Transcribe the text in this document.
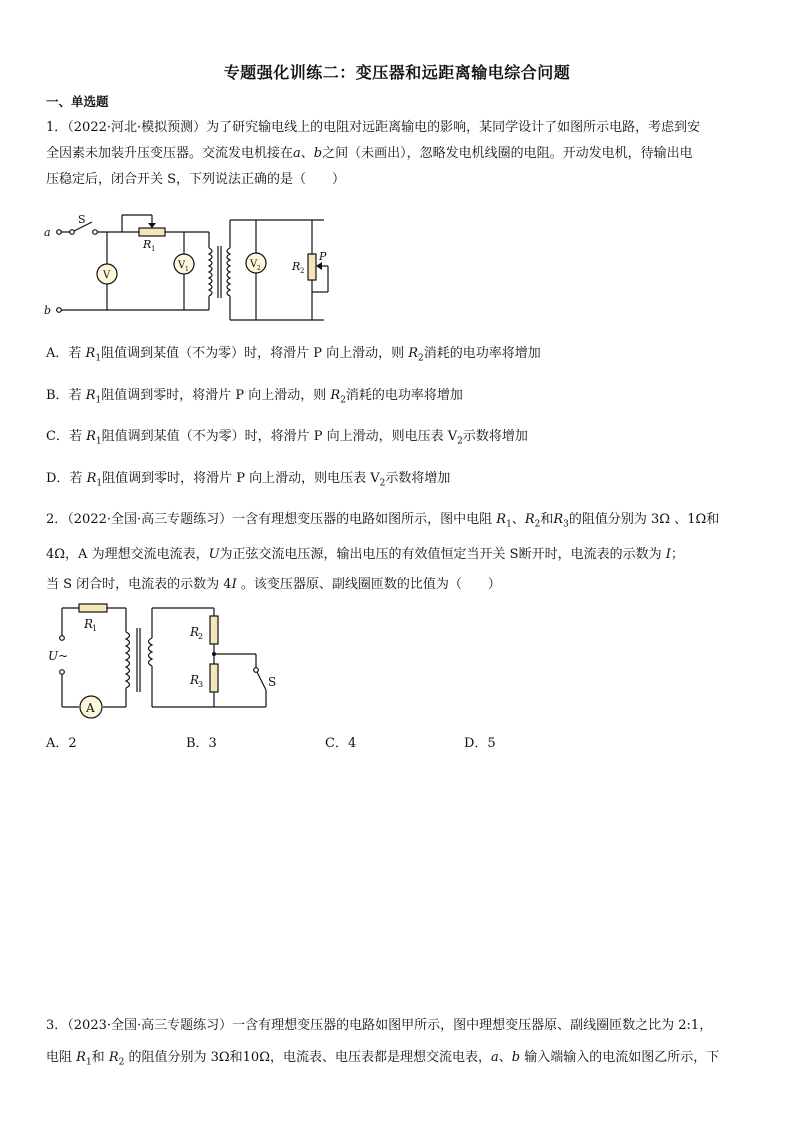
专题强化训练二：变压器和远距离输电综合问题
一、单选题
1．（2022·河北·模拟预测）为了研究输电线上的电阻对远距离输电的影响，某同学设计了如图所示电路，考虑到安
全因素未加装升压变压器。交流发电机接在a、b之间（未画出），忽略发电机线圈的电阻。开动发电机，待输出电
压稳定后，闭合开关 S，下列说法正确的是（　　）
a
b
S
R 1
V
V 1	V 2	R 2
P
A．若 $R_1$阻值调到某值（不为零）时，将滑片 P 向上滑动，则 $R_2$消耗的电功率将增加
B．若 $R_1$阻值调到零时，将滑片 P 向上滑动，则 $R_2$消耗的电功率将增加
C．若 $R_1$阻值调到某值（不为零）时，将滑片 P 向上滑动，则电压表 $V_2$示数将增加
D．若 $R_1$阻值调到零时，将滑片 P 向上滑动，则电压表 $V_2$示数将增加
2．（2022·全国·高三专题练习）一含有理想变压器的电路如图所示，图中电阻 $R_1$、$R_2$和$R_3$的阻值分别为 3Ω 、1Ω和
4Ω，A 为理想交流电流表，U为正弦交流电压源，输出电压的有效值恒定当开关 S断开时，电流表的示数为 I；
当 S 闭合时，电流表的示数为 4I 。该变压器原、副线圈匝数的比值为（　　）
R
1	R
2
R
3
U~
A
S
A．2	B．3	C．4	D．5
3．（2023·全国·高三专题练习）一含有理想变压器的电路如图甲所示，图中理想变压器原、副线圈匝数之比为 2:1，
电阻 $R_1$和 $R_2$ 的阻值分别为 3Ω和10Ω，电流表、电压表都是理想交流电表，a、b 输入端输入的电流如图乙所示，下
